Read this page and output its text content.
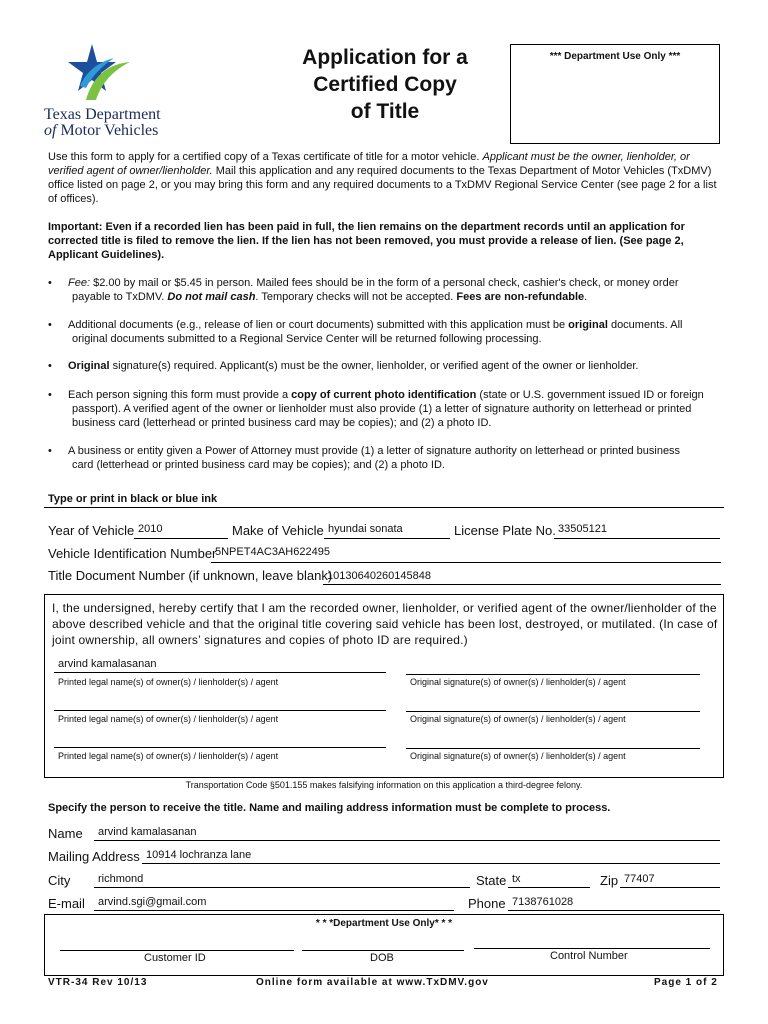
Texas Department
of Motor Vehicles
Application for a
Certified Copy
of Title
*** Department Use Only ***
Use this form to apply for a certified copy of a Texas certificate of title for a motor vehicle. Applicant must be the owner, lienholder, or verified agent of owner/lienholder. Mail this application and any required documents to the Texas Department of Motor Vehicles (TxDMV) office listed on page 2, or you may bring this form and any required documents to a TxDMV Regional Service Center (see page 2 for a list of offices).
Important: Even if a recorded lien has been paid in full, the lien remains on the department records until an application for corrected title is filed to remove the lien. If the lien has not been removed, you must provide a release of lien. (See page 2, Applicant Guidelines).
• Fee: $2.00 by mail or $5.45 in person. Mailed fees should be in the form of a personal check, cashier's check, or money order
payable to TxDMV. Do not mail cash. Temporary checks will not be accepted. Fees are non-refundable.
• Additional documents (e.g., release of lien or court documents) submitted with this application must be original documents. All
original documents submitted to a Regional Service Center will be returned following processing.
• Original signature(s) required. Applicant(s) must be the owner, lienholder, or verified agent of the owner or lienholder.
• Each person signing this form must provide a copy of current photo identification (state or U.S. government issued ID or foreign
passport). A verified agent of the owner or lienholder must also provide (1) a letter of signature authority on letterhead or printed
business card (letterhead or printed business card may be copies); and (2) a photo ID.
• A business or entity given a Power of Attorney must provide (1) a letter of signature authority on letterhead or printed business
card (letterhead or printed business card may be copies); and (2) a photo ID.
Type or print in black or blue ink
Year of Vehicle 2010	Make of Vehicle hyundai sonata	License Plate No. 33505121
Vehicle Identification Number
5NPET4AC3AH622495
Title Document Number (if unknown, leave blank)
10130640260145848
I, the undersigned, hereby certify that I am the recorded owner, lienholder, or verified agent of the owner/lienholder of the above described vehicle and that the original title covering said vehicle has been lost, destroyed, or mutilated. (In case of joint ownership, all owners’ signatures and copies of photo ID are required.)
arvind kamalasanan
Printed legal name(s) of owner(s) / lienholder(s) / agent	Original signature(s) of owner(s) / lienholder(s) / agent
Printed legal name(s) of owner(s) / lienholder(s) / agent	Original signature(s) of owner(s) / lienholder(s) / agent
Printed legal name(s) of owner(s) / lienholder(s) / agent	Original signature(s) of owner(s) / lienholder(s) / agent
Transportation Code §501.155 makes falsifying information on this application a third-degree felony.
Specify the person to receive the title. Name and mailing address information must be complete to process.
Name arvind kamalasanan
Mailing Address 10914 lochranza lane
City	richmond	State tx	Zip 77407
E-mail arvind.sgi@gmail.com	Phone 7138761028
* * *Department Use Only* * *
Customer ID	DOB	Control Number
VTR-34 Rev 10/13	Online form available at www.TxDMV.gov	Page 1 of 2
